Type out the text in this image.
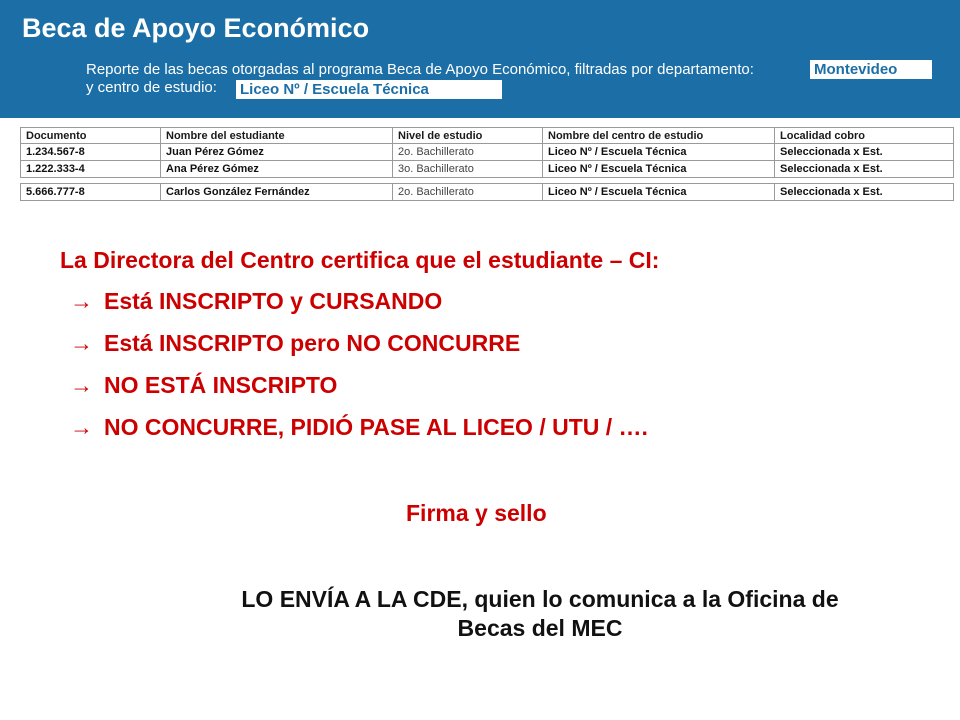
Beca de Apoyo Económico
Reporte de las becas otorgadas al programa Beca de Apoyo Económico, filtradas por departamento:
y centro de estudio:
Montevideo
Liceo Nº / Escuela Técnica
Documento	Nombre del estudiante	Nivel de estudio	Nombre del centro de estudio	Localidad cobro
1.234.567-8	Juan Pérez Gómez	2o. Bachillerato	Liceo Nº / Escuela Técnica	Seleccionada x Est.
1.222.333-4	Ana Pérez Gómez	3o. Bachillerato	Liceo Nº / Escuela Técnica	Seleccionada x Est.

5.666.777-8	Carlos González Fernández	2o. Bachillerato	Liceo Nº / Escuela Técnica	Seleccionada x Est.
La Directora del Centro certifica que el estudiante – CI:
→ Está INSCRIPTO y CURSANDO
→ Está INSCRIPTO pero NO CONCURRE
→ NO ESTÁ INSCRIPTO
→ NO CONCURRE, PIDIÓ PASE AL LICEO / UTU / ….
Firma y sello
LO ENVÍA A LA CDE, quien lo comunica a la Oficina de
Becas del MEC
